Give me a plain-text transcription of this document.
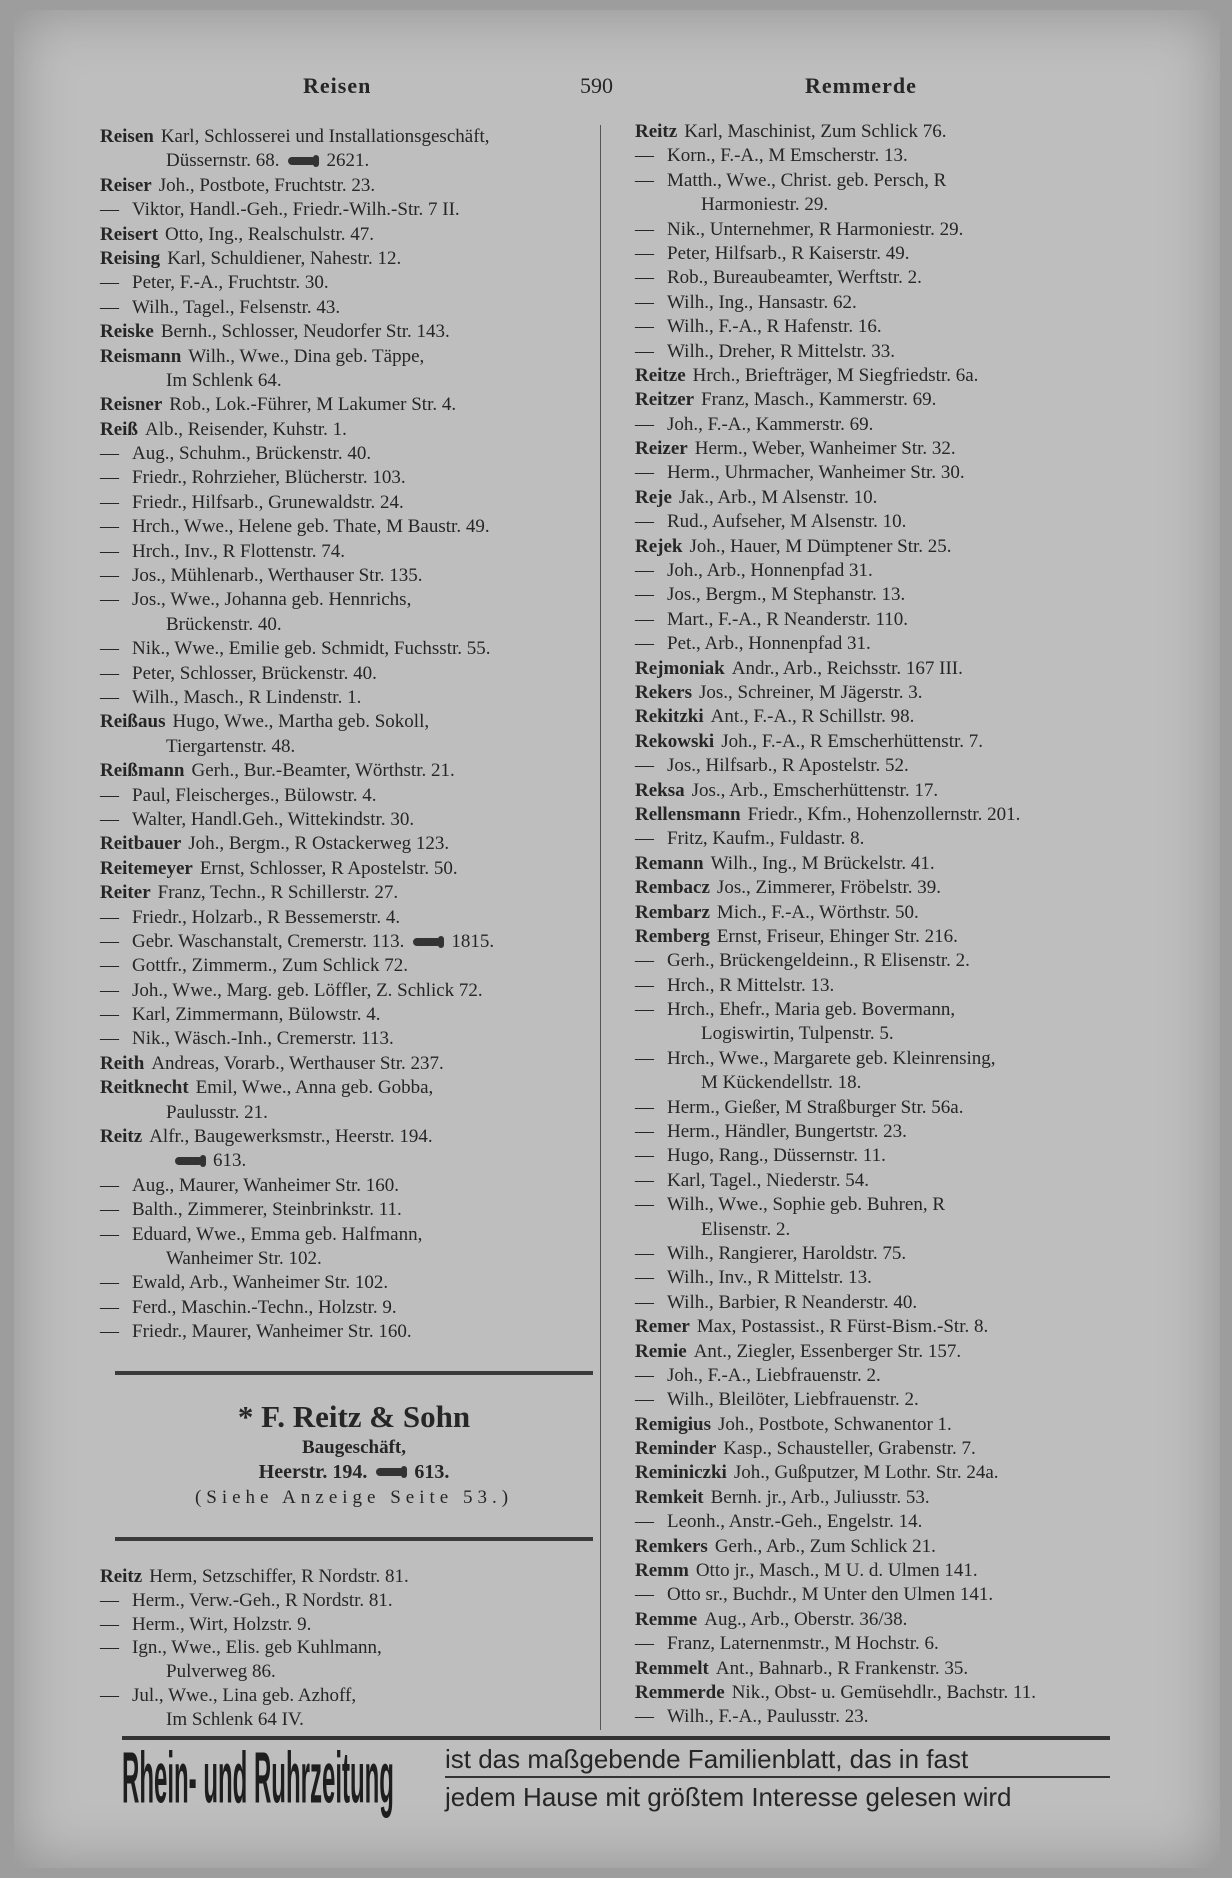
Reisen	590	Remmerde
Reisen Karl, Schlosserei und Installationsgeschäft,
Düssernstr. 68. 2621.
Reiser Joh., Postbote, Fruchtstr. 23.
— Viktor, Handl.-Geh., Friedr.-Wilh.-Str. 7 II.
Reisert Otto, Ing., Realschulstr. 47.
Reising Karl, Schuldiener, Nahestr. 12.
— Peter, F.-A., Fruchtstr. 30.
— Wilh., Tagel., Felsenstr. 43.
Reiske Bernh., Schlosser, Neudorfer Str. 143.
Reismann Wilh., Wwe., Dina geb. Täppe,
Im Schlenk 64.
Reisner Rob., Lok.-Führer, M Lakumer Str. 4.
Reiß Alb., Reisender, Kuhstr. 1.
— Aug., Schuhm., Brückenstr. 40.
— Friedr., Rohrzieher, Blücherstr. 103.
— Friedr., Hilfsarb., Grunewaldstr. 24.
— Hrch., Wwe., Helene geb. Thate, M Baustr. 49.
— Hrch., Inv., R Flottenstr. 74.
— Jos., Mühlenarb., Werthauser Str. 135.
— Jos., Wwe., Johanna geb. Hennrichs,
Brückenstr. 40.
— Nik., Wwe., Emilie geb. Schmidt, Fuchsstr. 55.
— Peter, Schlosser, Brückenstr. 40.
— Wilh., Masch., R Lindenstr. 1.
Reißaus Hugo, Wwe., Martha geb. Sokoll,
Tiergartenstr. 48.
Reißmann Gerh., Bur.-Beamter, Wörthstr. 21.
— Paul, Fleischerges., Bülowstr. 4.
— Walter, Handl.Geh., Wittekindstr. 30.
Reitbauer Joh., Bergm., R Ostackerweg 123.
Reitemeyer Ernst, Schlosser, R Apostelstr. 50.
Reiter Franz, Techn., R Schillerstr. 27.
— Friedr., Holzarb., R Bessemerstr. 4.
— Gebr. Waschanstalt, Cremerstr. 113. 1815.
— Gottfr., Zimmerm., Zum Schlick 72.
— Joh., Wwe., Marg. geb. Löffler, Z. Schlick 72.
— Karl, Zimmermann, Bülowstr. 4.
— Nik., Wäsch.-Inh., Cremerstr. 113.
Reith Andreas, Vorarb., Werthauser Str. 237.
Reitknecht Emil, Wwe., Anna geb. Gobba,
Paulusstr. 21.
Reitz Alfr., Baugewerksmstr., Heerstr. 194.
613.
— Aug., Maurer, Wanheimer Str. 160.
— Balth., Zimmerer, Steinbrinkstr. 11.
— Eduard, Wwe., Emma geb. Halfmann,
Wanheimer Str. 102.
— Ewald, Arb., Wanheimer Str. 102.
— Ferd., Maschin.-Techn., Holzstr. 9.
— Friedr., Maurer, Wanheimer Str. 160.
* F. Reitz & Sohn
Baugeschäft,
Heerstr. 194. 613.
(Siehe Anzeige Seite 53.)
Reitz Herm, Setzschiffer, R Nordstr. 81.
— Herm., Verw.-Geh., R Nordstr. 81.
— Herm., Wirt, Holzstr. 9.
— Ign., Wwe., Elis. geb Kuhlmann,
Pulverweg 86.
— Jul., Wwe., Lina geb. Azhoff,
Im Schlenk 64 IV.
Reitz Karl, Maschinist, Zum Schlick 76.
— Korn., F.-A., M Emscherstr. 13.
— Matth., Wwe., Christ. geb. Persch, R
Harmoniestr. 29.
— Nik., Unternehmer, R Harmoniestr. 29.
— Peter, Hilfsarb., R Kaiserstr. 49.
— Rob., Bureaubeamter, Werftstr. 2.
— Wilh., Ing., Hansastr. 62.
— Wilh., F.-A., R Hafenstr. 16.
— Wilh., Dreher, R Mittelstr. 33.
Reitze Hrch., Briefträger, M Siegfriedstr. 6a.
Reitzer Franz, Masch., Kammerstr. 69.
— Joh., F.-A., Kammerstr. 69.
Reizer Herm., Weber, Wanheimer Str. 32.
— Herm., Uhrmacher, Wanheimer Str. 30.
Reje Jak., Arb., M Alsenstr. 10.
— Rud., Aufseher, M Alsenstr. 10.
Rejek Joh., Hauer, M Dümptener Str. 25.
— Joh., Arb., Honnenpfad 31.
— Jos., Bergm., M Stephanstr. 13.
— Mart., F.-A., R Neanderstr. 110.
— Pet., Arb., Honnenpfad 31.
Rejmoniak Andr., Arb., Reichsstr. 167 III.
Rekers Jos., Schreiner, M Jägerstr. 3.
Rekitzki Ant., F.-A., R Schillstr. 98.
Rekowski Joh., F.-A., R Emscherhüttenstr. 7.
— Jos., Hilfsarb., R Apostelstr. 52.
Reksa Jos., Arb., Emscherhüttenstr. 17.
Rellensmann Friedr., Kfm., Hohenzollernstr. 201.
— Fritz, Kaufm., Fuldastr. 8.
Remann Wilh., Ing., M Brückelstr. 41.
Rembacz Jos., Zimmerer, Fröbelstr. 39.
Rembarz Mich., F.-A., Wörthstr. 50.
Remberg Ernst, Friseur, Ehinger Str. 216.
— Gerh., Brückengeldeinn., R Elisenstr. 2.
— Hrch., R Mittelstr. 13.
— Hrch., Ehefr., Maria geb. Bovermann,
Logiswirtin, Tulpenstr. 5.
— Hrch., Wwe., Margarete geb. Kleinrensing,
M Kückendellstr. 18.
— Herm., Gießer, M Straßburger Str. 56a.
— Herm., Händler, Bungertstr. 23.
— Hugo, Rang., Düssernstr. 11.
— Karl, Tagel., Niederstr. 54.
— Wilh., Wwe., Sophie geb. Buhren, R
Elisenstr. 2.
— Wilh., Rangierer, Haroldstr. 75.
— Wilh., Inv., R Mittelstr. 13.
— Wilh., Barbier, R Neanderstr. 40.
Remer Max, Postassist., R Fürst-Bism.-Str. 8.
Remie Ant., Ziegler, Essenberger Str. 157.
— Joh., F.-A., Liebfrauenstr. 2.
— Wilh., Bleilöter, Liebfrauenstr. 2.
Remigius Joh., Postbote, Schwanentor 1.
Reminder Kasp., Schausteller, Grabenstr. 7.
Reminiczki Joh., Gußputzer, M Lothr. Str. 24a.
Remkeit Bernh. jr., Arb., Juliusstr. 53.
— Leonh., Anstr.-Geh., Engelstr. 14.
Remkers Gerh., Arb., Zum Schlick 21.
Remm Otto jr., Masch., M U. d. Ulmen 141.
— Otto sr., Buchdr., M Unter den Ulmen 141.
Remme Aug., Arb., Oberstr. 36/38.
— Franz, Laternenmstr., M Hochstr. 6.
Remmelt Ant., Bahnarb., R Frankenstr. 35.
Remmerde Nik., Obst- u. Gemüsehdlr., Bachstr. 11.
— Wilh., F.-A., Paulusstr. 23.
Rhein- und Ruhrzeitung ist das maßgebende Familienblatt, das in fast
jedem Hause mit größtem Interesse gelesen wird
